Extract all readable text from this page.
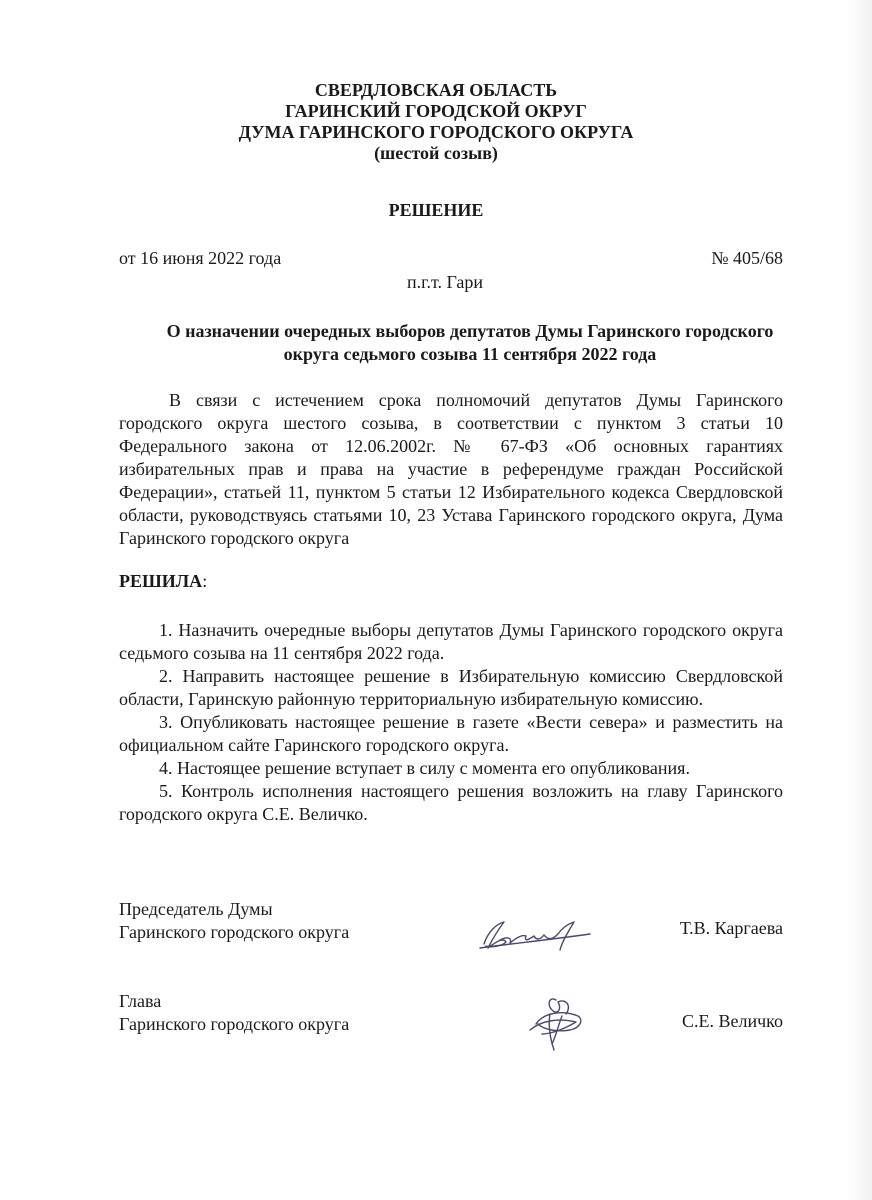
СВЕРДЛОВСКАЯ ОБЛАСТЬ
ГАРИНСКИЙ ГОРОДСКОЙ ОКРУГ
ДУМА ГАРИНСКОГО ГОРОДСКОГО ОКРУГА
(шестой созыв)
РЕШЕНИЕ
от 16 июня 2022 года	№ 405/68
п.г.т. Гари
О назначении очередных выборов депутатов Думы Гаринского городского округа седьмого созыва 11 сентября 2022 года
В связи с истечением срока полномочий депутатов Думы Гаринского городского округа шестого созыва, в соответствии с пунктом 3 статьи 10 Федерального закона от 12.06.2002г. № 67-ФЗ «Об основных гарантиях избирательных прав и права на участие в референдуме граждан Российской Федерации», статьей 11, пунктом 5 статьи 12 Избирательного кодекса Свердловской области, руководствуясь статьями 10, 23 Устава Гаринского городского округа, Дума Гаринского городского округа
РЕШИЛА:
1. Назначить очередные выборы депутатов Думы Гаринского городского округа седьмого созыва на 11 сентября 2022 года.
2. Направить настоящее решение в Избирательную комиссию Свердловской области, Гаринскую районную территориальную избирательную комиссию.
3. Опубликовать настоящее решение в газете «Вести севера» и разместить на официальном сайте Гаринского городского округа.
4. Настоящее решение вступает в силу с момента его опубликования.
5. Контроль исполнения настоящего решения возложить на главу Гаринского городского округа С.Е. Величко.
Председатель Думы
Гаринского городского округа	Т.В. Каргаева
Глава
Гаринского городского округа	С.Е. Величко
